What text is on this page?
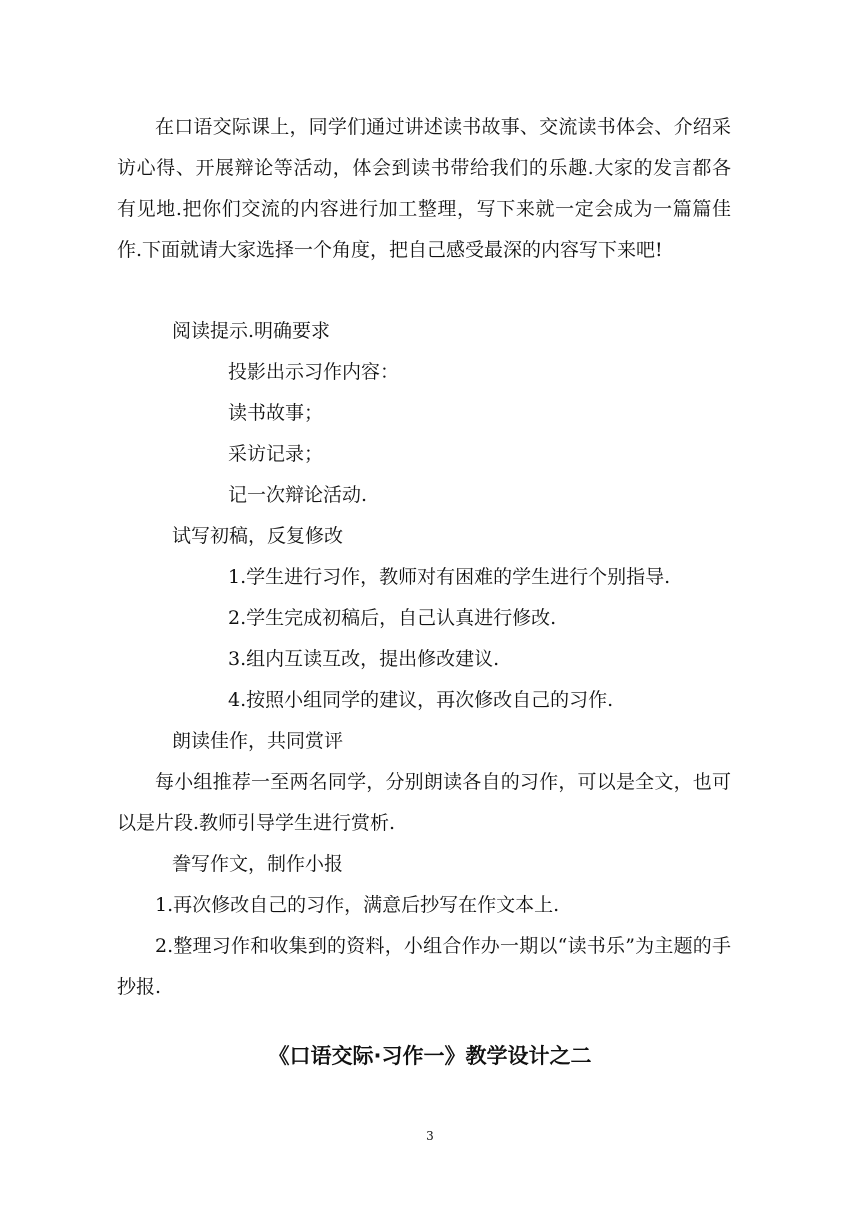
在口语交际课上，同学们通过讲述读书故事、交流读书体会、介绍采访心得、开展辩论等活动，体会到读书带给我们的乐趣.大家的发言都各有见地.把你们交流的内容进行加工整理，写下来就一定会成为一篇篇佳作.下面就请大家选择一个角度，把自己感受最深的内容写下来吧!

阅读提示.明确要求

投影出示习作内容：

读书故事；

采访记录；

记一次辩论活动.

试写初稿，反复修改

1.学生进行习作，教师对有困难的学生进行个别指导.

2.学生完成初稿后，自己认真进行修改.

3.组内互读互改，提出修改建议.

4.按照小组同学的建议，再次修改自己的习作.

朗读佳作，共同赏评

每小组推荐一至两名同学，分别朗读各自的习作，可以是全文，也可以是片段.教师引导学生进行赏析.

誊写作文，制作小报

1.再次修改自己的习作，满意后抄写在作文本上.

2.整理习作和收集到的资料，小组合作办一期以“读书乐”为主题的手抄报.

《口语交际·习作一》教学设计之二
3
